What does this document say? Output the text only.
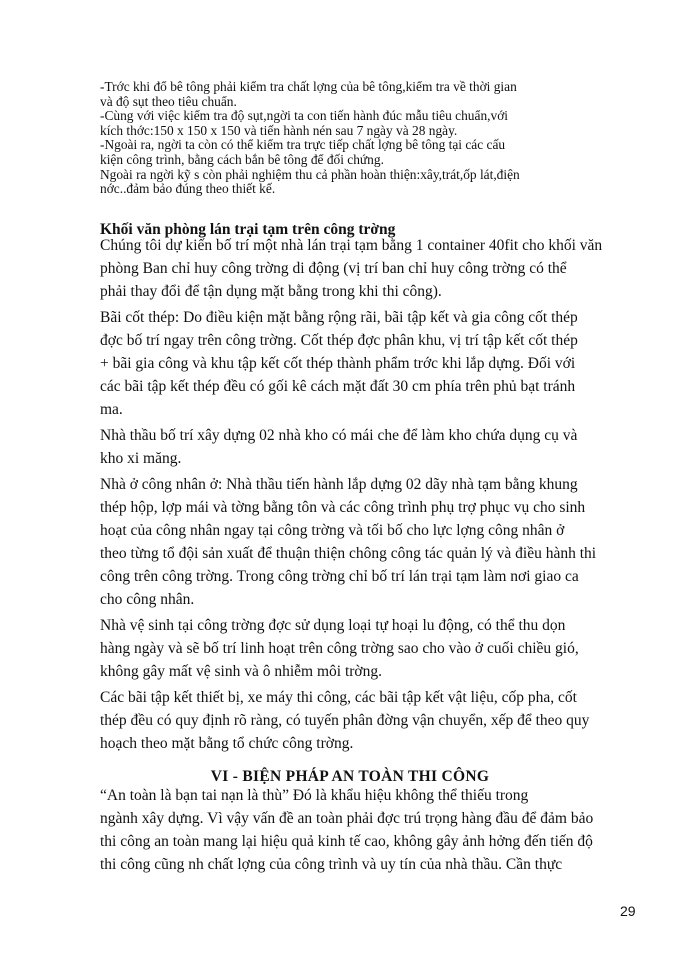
-Trớc khi đổ bê tông phải kiểm tra chất lợng của bê tông,kiểm tra về thời gian
và độ sụt theo tiêu chuẩn.

-Cùng với việc kiểm tra độ sụt,ngời ta con tiến hành đúc mẫu tiêu chuẩn,với
kích thớc:150 x 150 x 150 và tiến hành nén sau 7 ngày và 28 ngày.

-Ngoài ra, ngời ta còn có thể kiểm tra trực tiếp chất lợng bê tông tại các cấu
kiện công trình, bằng cách bắn bê tông để đối chứng.

Ngoài ra ngời kỹ s còn phải nghiệm thu cả phần hoàn thiện:xây,trát,ốp lát,điện
nớc..đảm bảo đúng theo thiết kế.

Khối văn phòng lán trại tạm trên công trờng

Chúng tôi dự kiến bố trí một nhà lán trại tạm bằng 1 container 40fit cho khối văn
phòng Ban chỉ huy công trờng di động (vị trí ban chỉ huy công trờng có thể
phải thay đổi để tận dụng mặt bằng trong khi thi công).

Bãi cốt thép: Do điều kiện mặt bằng rộng rãi, bãi tập kết và gia công cốt thép
đợc bố trí ngay trên công trờng. Cốt thép đợc phân khu, vị trí tập kết cốt thép
+ bãi gia công và khu tập kết cốt thép thành phẩm trớc khi lắp dựng. Đối với
các bãi tập kết thép đều có gối kê cách mặt đất 30 cm phía trên phủ bạt tránh
ma.

Nhà thầu bố trí xây dựng 02 nhà kho có mái che để làm kho chứa dụng cụ và
kho xi măng.

Nhà ở công nhân ở: Nhà thầu tiến hành lắp dựng 02 dãy nhà tạm bằng khung
thép hộp, lợp mái và tờng bằng tôn và các công trình phụ trợ phục vụ cho sinh
hoạt của công nhân ngay tại công trờng và tối bố cho lực lợng công nhân ở
theo từng tổ đội sản xuất để thuận thiện chông công tác quản lý và điều hành thi
công trên công trờng. Trong công trờng chỉ bố trí lán trại tạm làm nơi giao ca
cho công nhân.

Nhà vệ sinh tại công trờng đợc sử dụng loại tự hoại lu động, có thể thu dọn
hàng ngày và sẽ bố trí linh hoạt trên công trờng sao cho vào ở cuối chiều gió,
không gây mất vệ sinh và ô nhiễm môi trờng.

Các bãi tập kết thiết bị, xe máy thi công, các bãi tập kết vật liệu, cốp pha, cốt
thép đều có quy định rõ ràng, có tuyến phân đờng vận chuyển, xếp để theo quy
hoạch theo mặt bằng tổ chức công trờng.

VI - BIỆN PHÁP AN TOÀN THI CÔNG

“An toàn là bạn tai nạn là thù” Đó là khẩu hiệu không thể thiếu trong
ngành xây dựng. Vì vậy vấn đề an toàn phải đợc trú trọng hàng đầu để đảm bảo
thi công an toàn mang lại hiệu quả kinh tế cao, không gây ảnh hởng đến tiến độ
thi công cũng nh chất lợng của công trình và uy tín của nhà thầu. Cần thực

29
